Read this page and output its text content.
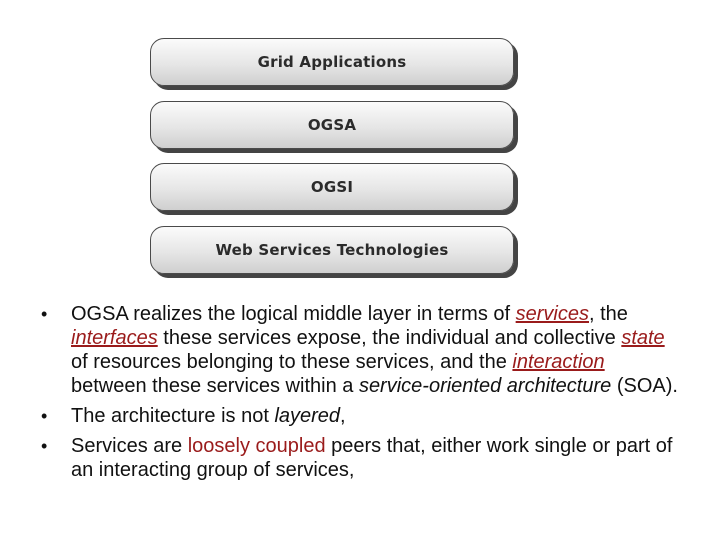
Grid Applications
OGSA
OGSI
Web Services Technologies
• OGSA realizes the logical middle layer in terms of services, the interfaces these services expose, the individual and collective state of resources belonging to these services, and the interaction between these services within a service-oriented architecture (SOA).
• The architecture is not layered,
• Services are loosely coupled peers that, either work single or part of an interacting group of services,
